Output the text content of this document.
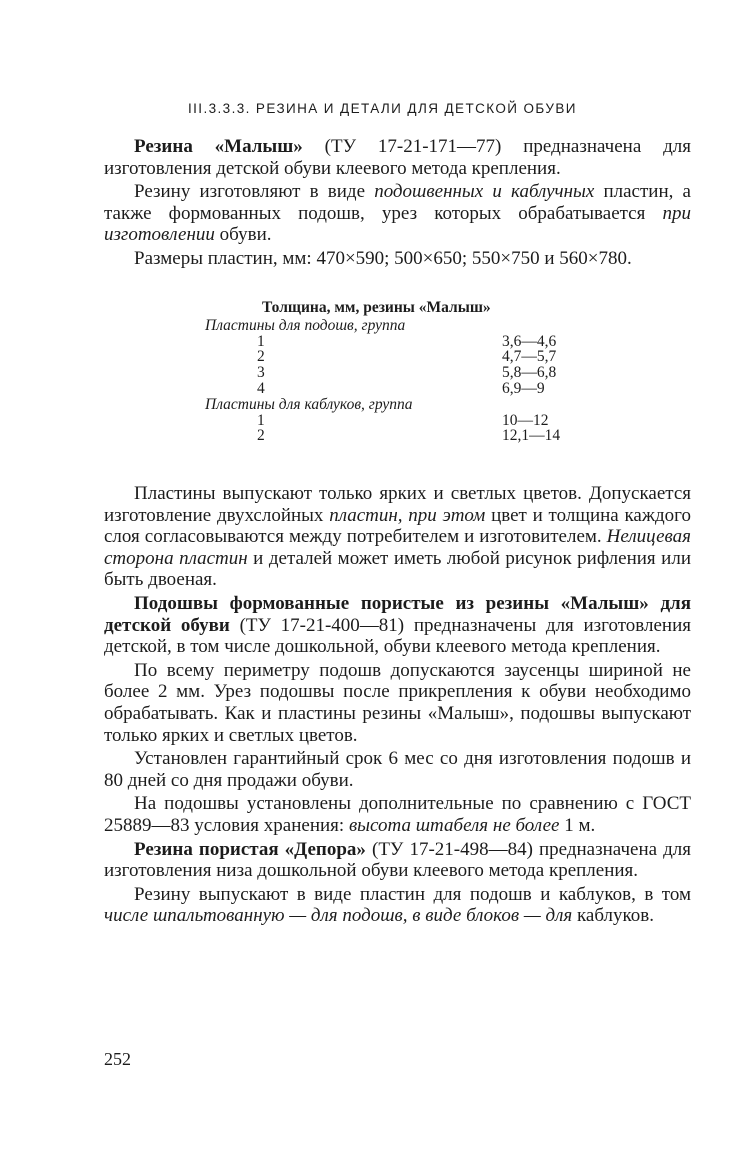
III.3.3.3. РЕЗИНА И ДЕТАЛИ ДЛЯ ДЕТСКОЙ ОБУВИ

Резина «Малыш» (ТУ 17-21-171—77) предназначена для изготовления детской обуви клеевого метода крепления.

Резину изготовляют в виде подошвенных и каблучных пластин, а также формованных подошв, урез которых обрабатывается при изготовлении обуви.

Размеры пластин, мм: 470×590; 500×650; 550×750 и 560×780.

Толщина, мм, резины «Малыш»
Пластины для подошв, группа
1	3,6—4,6
2	4,7—5,7
3	5,8—6,8
4	6,9—9
Пластины для каблуков, группа
1	10—12
2	12,1—14

Пластины выпускают только ярких и светлых цветов. Допускается изготовление двухслойных пластин, при этом цвет и толщина каждого слоя согласовываются между потребителем и изготовителем. Нелицевая сторона пластин и деталей может иметь любой рисунок рифления или быть двоеная.

Подошвы формованные пористые из резины «Малыш» для детской обуви (ТУ 17-21-400—81) предназначены для изготовления детской, в том числе дошкольной, обуви клеевого метода крепления.

По всему периметру подошв допускаются заусенцы шириной не более 2 мм. Урез подошвы после прикрепления к обуви необходимо обрабатывать. Как и пластины резины «Малыш», подошвы выпускают только ярких и светлых цветов.

Установлен гарантийный срок 6 мес со дня изготовления подошв и 80 дней со дня продажи обуви.

На подошвы установлены дополнительные по сравнению с ГОСТ 25889—83 условия хранения: высота штабеля не более 1 м.

Резина пористая «Депора» (ТУ 17-21-498—84) предназначена для изготовления низа дошкольной обуви клеевого метода крепления.

Резину выпускают в виде пластин для подошв и каблуков, в том числе шпальтованную — для подошв, в виде блоков — для каблуков.

252
